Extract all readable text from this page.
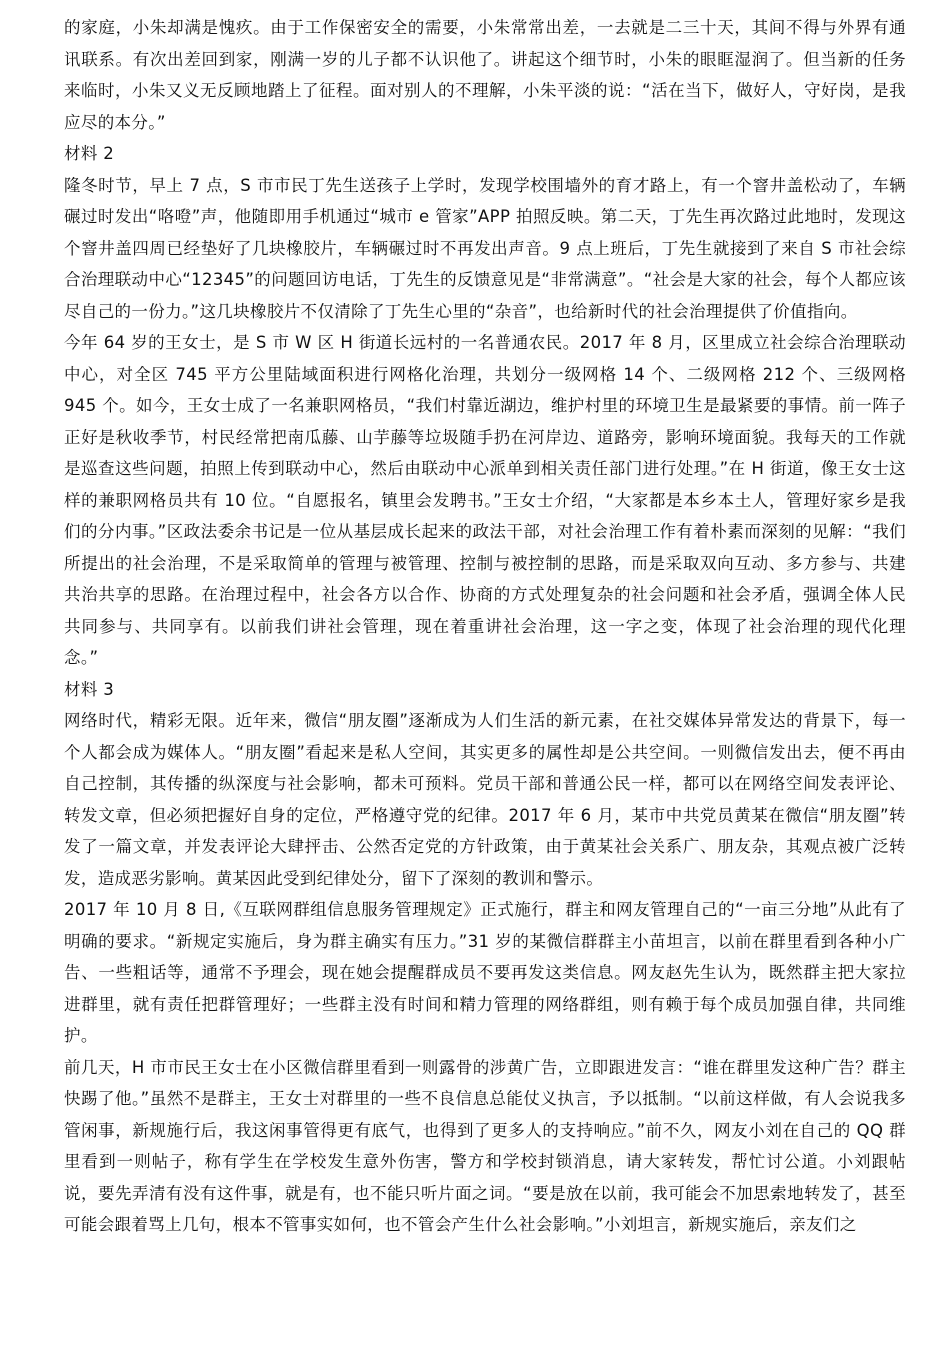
的家庭，小朱却满是愧疚。由于工作保密安全的需要，小朱常常出差，一去就是二三十天，其间不得与外界有通讯联系。有次出差回到家，刚满一岁的儿子都不认识他了。讲起这个细节时，小朱的眼眶湿润了。但当新的任务来临时，小朱又义无反顾地踏上了征程。面对别人的不理解，小朱平淡的说：“活在当下，做好人，守好岗，是我应尽的本分。”

材料 2

隆冬时节，早上 7 点，S 市市民丁先生送孩子上学时，发现学校围墙外的育才路上，有一个窨井盖松动了，车辆碾过时发出“咯噔”声，他随即用手机通过“城市 e 管家”APP 拍照反映。第二天，丁先生再次路过此地时，发现这个窨井盖四周已经垫好了几块橡胶片，车辆碾过时不再发出声音。9 点上班后，丁先生就接到了来自 S 市社会综合治理联动中心“12345”的问题回访电话，丁先生的反馈意见是“非常满意”。“社会是大家的社会，每个人都应该尽自己的一份力。”这几块橡胶片不仅清除了丁先生心里的“杂音”，也给新时代的社会治理提供了价值指向。

今年 64 岁的王女士，是 S 市 W 区 H 街道长远村的一名普通农民。2017 年 8 月，区里成立社会综合治理联动中心，对全区 745 平方公里陆域面积进行网格化治理，共划分一级网格 14 个、二级网格 212 个、三级网格 945 个。如今，王女士成了一名兼职网格员，“我们村靠近湖边，维护村里的环境卫生是最紧要的事情。前一阵子正好是秋收季节，村民经常把南瓜藤、山芋藤等垃圾随手扔在河岸边、道路旁，影响环境面貌。我每天的工作就是巡查这些问题，拍照上传到联动中心，然后由联动中心派单到相关责任部门进行处理。”在 H 街道，像王女士这样的兼职网格员共有 10 位。“自愿报名，镇里会发聘书。”王女士介绍，“大家都是本乡本土人，管理好家乡是我们的分内事。”区政法委余书记是一位从基层成长起来的政法干部，对社会治理工作有着朴素而深刻的见解：“我们所提出的社会治理，不是采取简单的管理与被管理、控制与被控制的思路，而是采取双向互动、多方参与、共建共治共享的思路。在治理过程中，社会各方以合作、协商的方式处理复杂的社会问题和社会矛盾，强调全体人民共同参与、共同享有。以前我们讲社会管理，现在着重讲社会治理，这一字之变，体现了社会治理的现代化理念。”

材料 3

网络时代，精彩无限。近年来，微信“朋友圈”逐渐成为人们生活的新元素，在社交媒体异常发达的背景下，每一个人都会成为媒体人。“朋友圈”看起来是私人空间，其实更多的属性却是公共空间。一则微信发出去，便不再由自己控制，其传播的纵深度与社会影响，都未可预料。党员干部和普通公民一样，都可以在网络空间发表评论、转发文章，但必须把握好自身的定位，严格遵守党的纪律。2017 年 6 月，某市中共党员黄某在微信“朋友圈”转发了一篇文章，并发表评论大肆抨击、公然否定党的方针政策，由于黄某社会关系广、朋友杂，其观点被广泛转发，造成恶劣影响。黄某因此受到纪律处分，留下了深刻的教训和警示。

2017 年 10 月 8 日,《互联网群组信息服务管理规定》正式施行，群主和网友管理自己的“一亩三分地”从此有了明确的要求。“新规定实施后，身为群主确实有压力。”31 岁的某微信群群主小苗坦言，以前在群里看到各种小广告、一些粗话等，通常不予理会，现在她会提醒群成员不要再发这类信息。网友赵先生认为，既然群主把大家拉进群里，就有责任把群管理好；一些群主没有时间和精力管理的网络群组，则有赖于每个成员加强自律，共同维护。

前几天，H 市市民王女士在小区微信群里看到一则露骨的涉黄广告，立即跟进发言：“谁在群里发这种广告？群主快踢了他。”虽然不是群主，王女士对群里的一些不良信息总能仗义执言，予以抵制。“以前这样做，有人会说我多管闲事，新规施行后，我这闲事管得更有底气，也得到了更多人的支持响应。”前不久，网友小刘在自己的 QQ 群里看到一则帖子，称有学生在学校发生意外伤害，警方和学校封锁消息，请大家转发，帮忙讨公道。小刘跟帖说，要先弄清有没有这件事，就是有，也不能只听片面之词。“要是放在以前，我可能会不加思索地转发了，甚至可能会跟着骂上几句，根本不管事实如何，也不管会产生什么社会影响。”小刘坦言，新规实施后，亲友们之
